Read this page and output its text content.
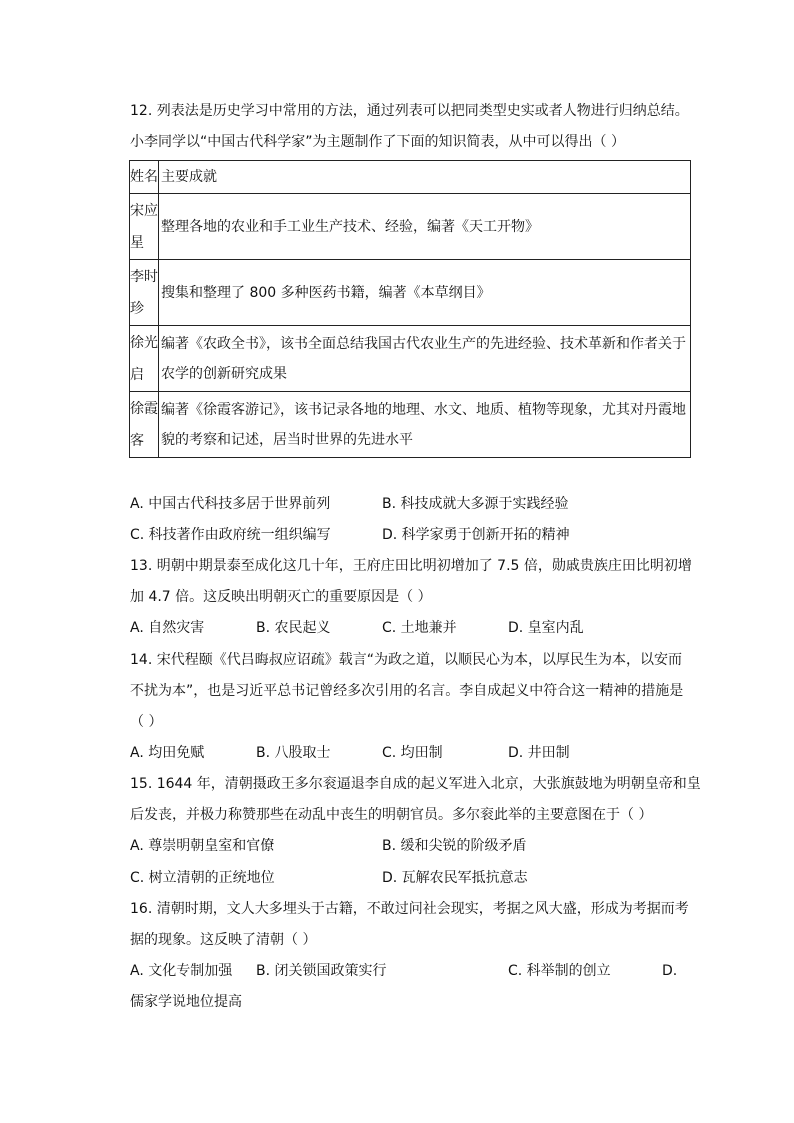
12. 列表法是历史学习中常用的方法，通过列表可以把同类型史实或者人物进行归纳总结。
小李同学以“中国古代科学家”为主题制作了下面的知识简表，从中可以得出（ ）
姓名	主要成就

宋应星	整理各地的农业和手工业生产技术、经验，编著《天工开物》

李时珍	搜集和整理了 800 多种医药书籍，编著《本草纲目》

徐光启	编著《农政全书》，该书全面总结我国古代农业生产的先进经验、技术革新和作者关于农学的创新研究成果

徐霞客	编著《徐霞客游记》，该书记录各地的地理、水文、地质、植物等现象，尤其对丹霞地貌的考察和记述，居当时世界的先进水平
A. 中国古代科技多居于世界前列	B. 科技成就大多源于实践经验
C. 科技著作由政府统一组织编写	D. 科学家勇于创新开拓的精神
13. 明朝中期景泰至成化这几十年，王府庄田比明初增加了 7.5 倍，勋戚贵族庄田比明初增
加 4.7 倍。这反映出明朝灭亡的重要原因是（ ）
A. 自然灾害	B. 农民起义	C. 土地兼并	D. 皇室内乱
14. 宋代程颐《代吕晦叔应诏疏》载言“为政之道，以顺民心为本，以厚民生为本，以安而
不扰为本”，也是习近平总书记曾经多次引用的名言。李自成起义中符合这一精神的措施是
（ ）
A. 均田免赋	B. 八股取士	C. 均田制	D. 井田制
15. 1644 年，清朝摄政王多尔衮逼退李自成的起义军进入北京，大张旗鼓地为明朝皇帝和皇
后发丧，并极力称赞那些在动乱中丧生的明朝官员。多尔衮此举的主要意图在于（ ）
A. 尊崇明朝皇室和官僚	B. 缓和尖锐的阶级矛盾
C. 树立清朝的正统地位	D. 瓦解农民军抵抗意志
16. 清朝时期，文人大多埋头于古籍，不敢过问社会现实，考据之风大盛，形成为考据而考
据的现象。这反映了清朝（ ）
A. 文化专制加强 B. 闭关锁国政策实行	C. 科举制的创立	D.
儒家学说地位提高
